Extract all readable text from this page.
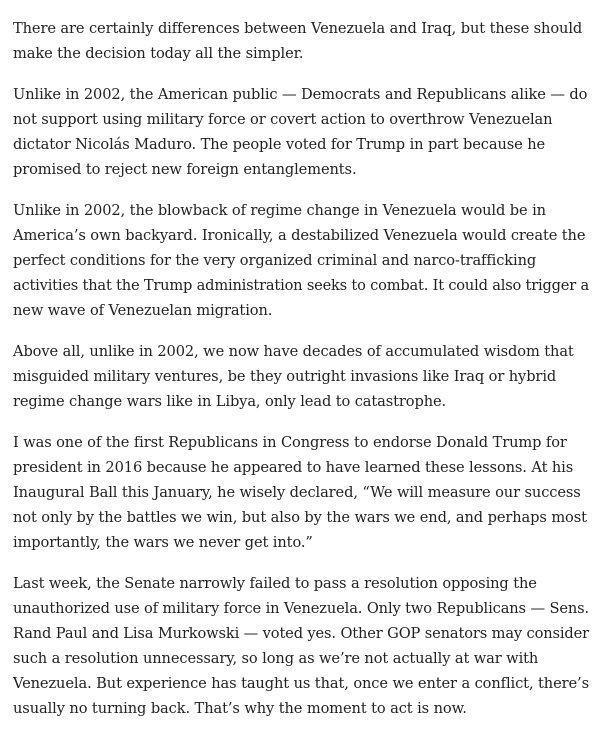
There are certainly differences between Venezuela and Iraq, but these should
make the decision today all the simpler.

Unlike in 2002, the American public — Democrats and Republicans alike — do
not support using military force or covert action to overthrow Venezuelan
dictator Nicolás Maduro. The people voted for Trump in part because he
promised to reject new foreign entanglements.

Unlike in 2002, the blowback of regime change in Venezuela would be in
America’s own backyard. Ironically, a destabilized Venezuela would create the
perfect conditions for the very organized criminal and narco-trafficking
activities that the Trump administration seeks to combat. It could also trigger a
new wave of Venezuelan migration.

Above all, unlike in 2002, we now have decades of accumulated wisdom that
misguided military ventures, be they outright invasions like Iraq or hybrid
regime change wars like in Libya, only lead to catastrophe.

I was one of the first Republicans in Congress to endorse Donald Trump for
president in 2016 because he appeared to have learned these lessons. At his
Inaugural Ball this January, he wisely declared, “We will measure our success
not only by the battles we win, but also by the wars we end, and perhaps most
importantly, the wars we never get into.”

Last week, the Senate narrowly failed to pass a resolution opposing the
unauthorized use of military force in Venezuela. Only two Republicans — Sens.
Rand Paul and Lisa Murkowski — voted yes. Other GOP senators may consider
such a resolution unnecessary, so long as we’re not actually at war with
Venezuela. But experience has taught us that, once we enter a conflict, there’s
usually no turning back. That’s why the moment to act is now.
